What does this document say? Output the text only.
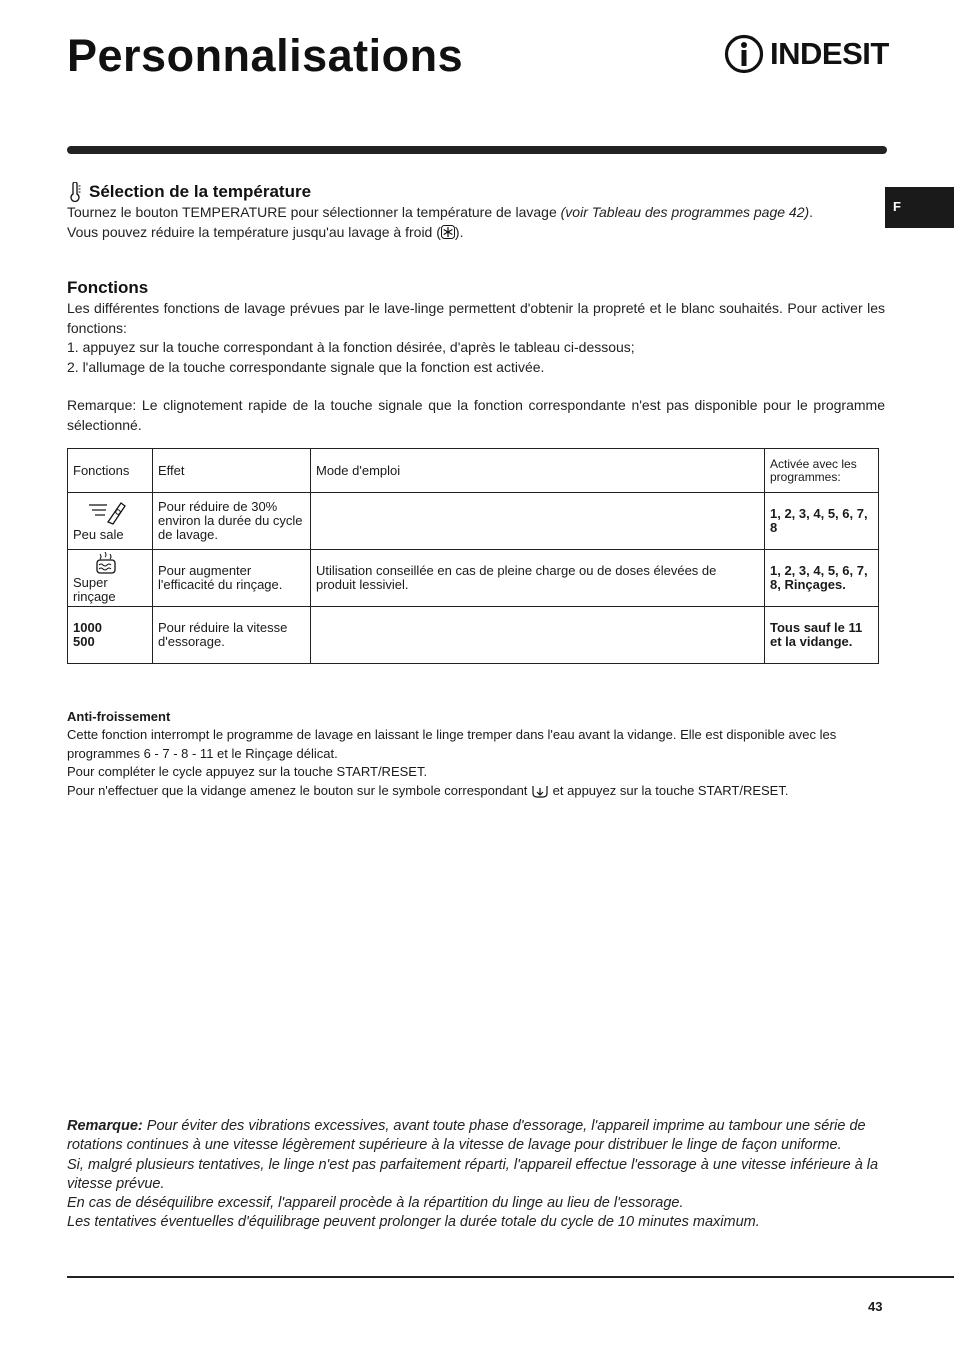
Personnalisations	INDESIT
F
Sélection de la température
Tournez le bouton TEMPERATURE pour sélectionner la température de lavage (voir Tableau des programmes page 42).
Vous pouvez réduire la température jusqu'au lavage à froid ( ).
Fonctions
Les différentes fonctions de lavage prévues par le lave-linge permettent d'obtenir la propreté et le blanc souhaités. Pour activer les fonctions:
1. appuyez sur la touche correspondant à la fonction désirée, d'après le tableau ci-dessous;
2. l'allumage de la touche correspondante signale que la fonction est activée.
Remarque: Le clignotement rapide de la touche signale que la fonction correspondante n'est pas disponible pour le programme sélectionné.
Fonctions	Effet	Mode d'emploi	Activée avec les programmes:

Peu sale	Pour réduire de 30% environ la durée du cycle de lavage.		1, 2, 3, 4, 5, 6, 7, 8

Super rinçage	Pour augmenter l'efficacité du rinçage.	Utilisation conseillée en cas de pleine charge ou de doses élevées de produit lessiviel.	1, 2, 3, 4, 5, 6, 7, 8, Rinçages.
1000
500	Pour réduire la vitesse d'essorage.		Tous sauf le 11 et la vidange.
Anti-froissement
Cette fonction interrompt le programme de lavage en laissant le linge tremper dans l'eau avant la vidange. Elle est disponible avec les programmes 6 - 7 - 8 - 11 et le Rinçage délicat.
Pour compléter le cycle appuyez sur la touche START/RESET.
Pour n'effectuer que la vidange amenez le bouton sur le symbole correspondant  et appuyez sur la touche START/RESET.
Remarque: Pour éviter des vibrations excessives, avant toute phase d'essorage, l'appareil imprime au tambour une série de rotations continues à une vitesse légèrement supérieure à la vitesse de lavage pour distribuer le linge de façon uniforme.
Si, malgré plusieurs tentatives, le linge n'est pas parfaitement réparti, l'appareil effectue l'essorage à une vitesse inférieure à la vitesse prévue.
En cas de déséquilibre excessif, l'appareil procède à la répartition du linge au lieu de l'essorage.
Les tentatives éventuelles d'équilibrage peuvent prolonger la durée totale du cycle de 10 minutes maximum.
43
